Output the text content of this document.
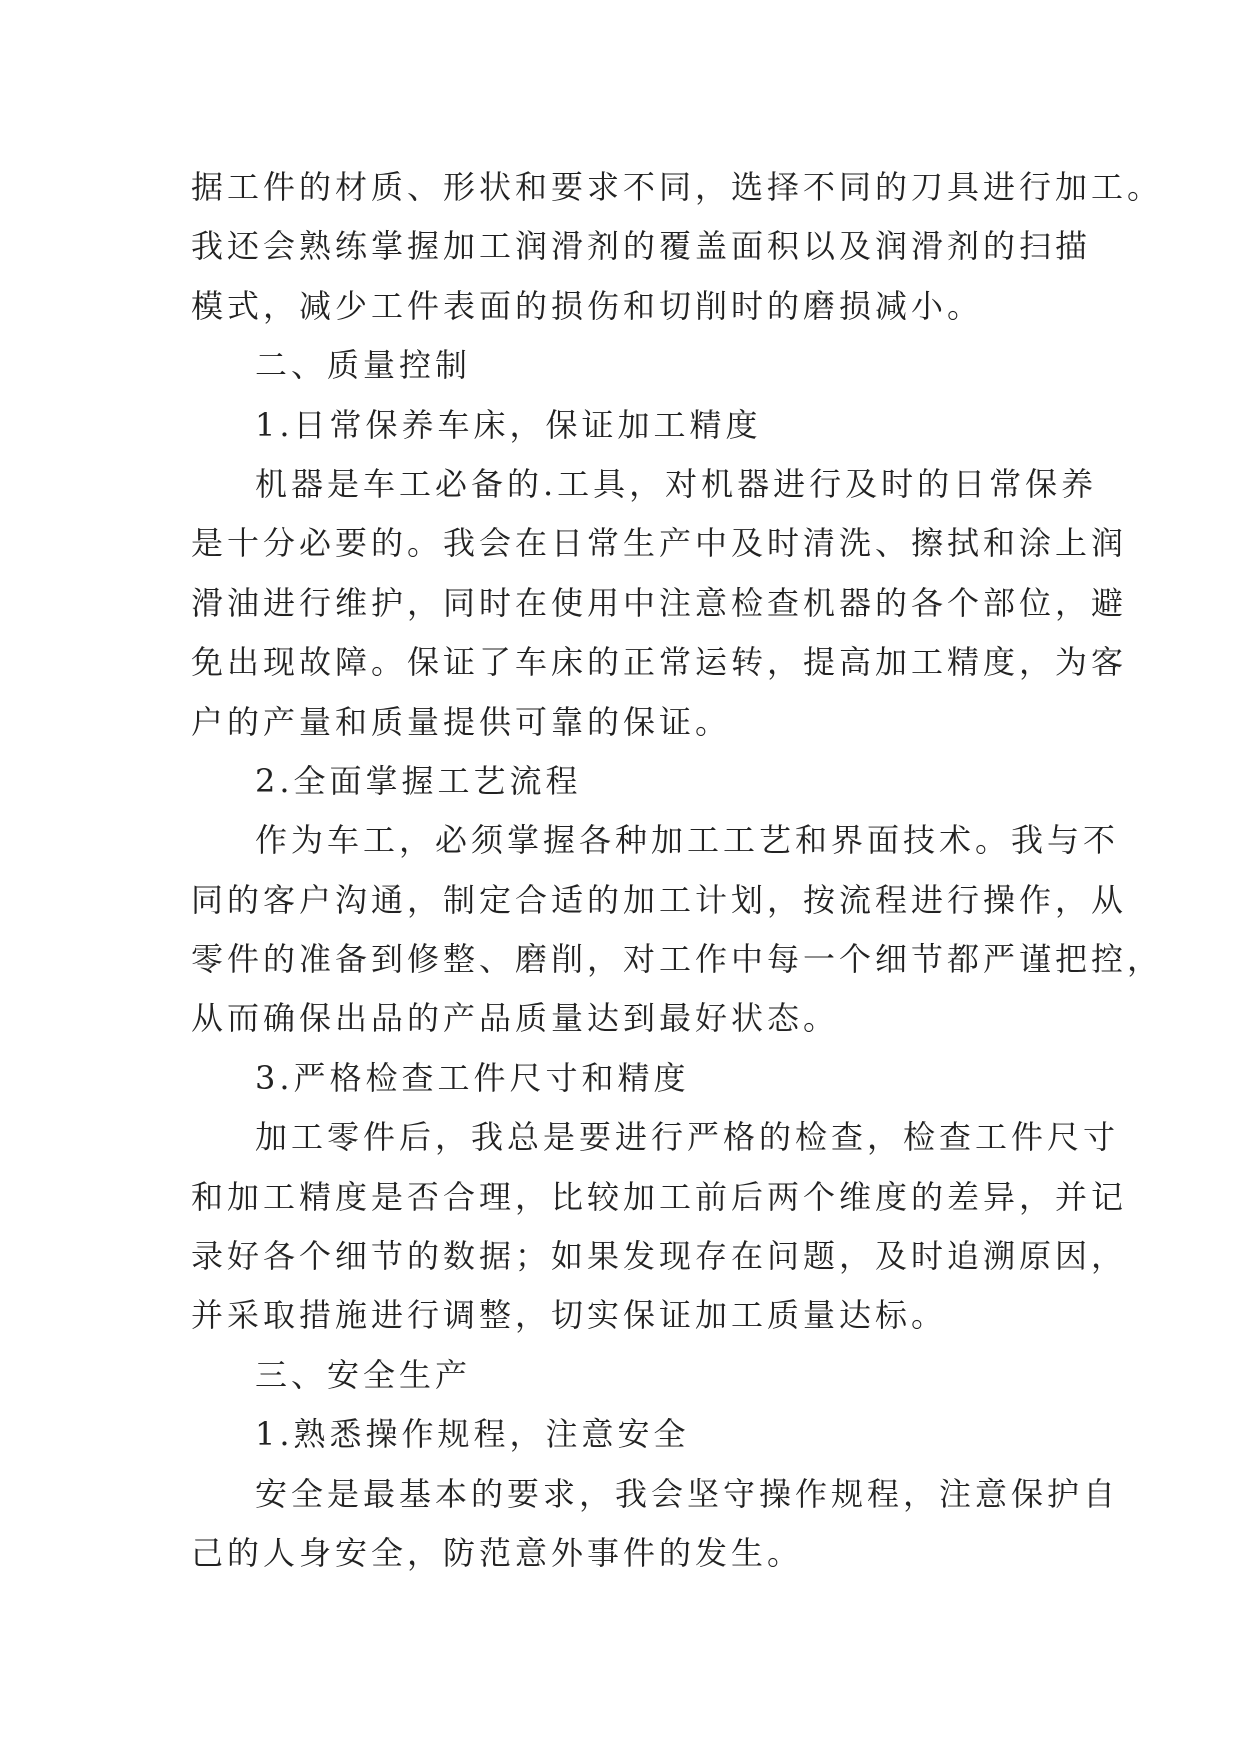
据工件的材质、形状和要求不同，选择不同的刀具进行加工。
我还会熟练掌握加工润滑剂的覆盖面积以及润滑剂的扫描
模式，减少工件表面的损伤和切削时的磨损减小。
二、质量控制
1.日常保养车床，保证加工精度
机器是车工必备的.工具，对机器进行及时的日常保养
是十分必要的。我会在日常生产中及时清洗、擦拭和涂上润
滑油进行维护，同时在使用中注意检查机器的各个部位，避
免出现故障。保证了车床的正常运转，提高加工精度，为客
户的产量和质量提供可靠的保证。
2.全面掌握工艺流程
作为车工，必须掌握各种加工工艺和界面技术。我与不
同的客户沟通，制定合适的加工计划，按流程进行操作，从
零件的准备到修整、磨削，对工作中每一个细节都严谨把控，
从而确保出品的产品质量达到最好状态。
3.严格检查工件尺寸和精度
加工零件后，我总是要进行严格的检查，检查工件尺寸
和加工精度是否合理，比较加工前后两个维度的差异，并记
录好各个细节的数据；如果发现存在问题，及时追溯原因，
并采取措施进行调整，切实保证加工质量达标。
三、安全生产
1.熟悉操作规程，注意安全
安全是最基本的要求，我会坚守操作规程，注意保护自
己的人身安全，防范意外事件的发生。
